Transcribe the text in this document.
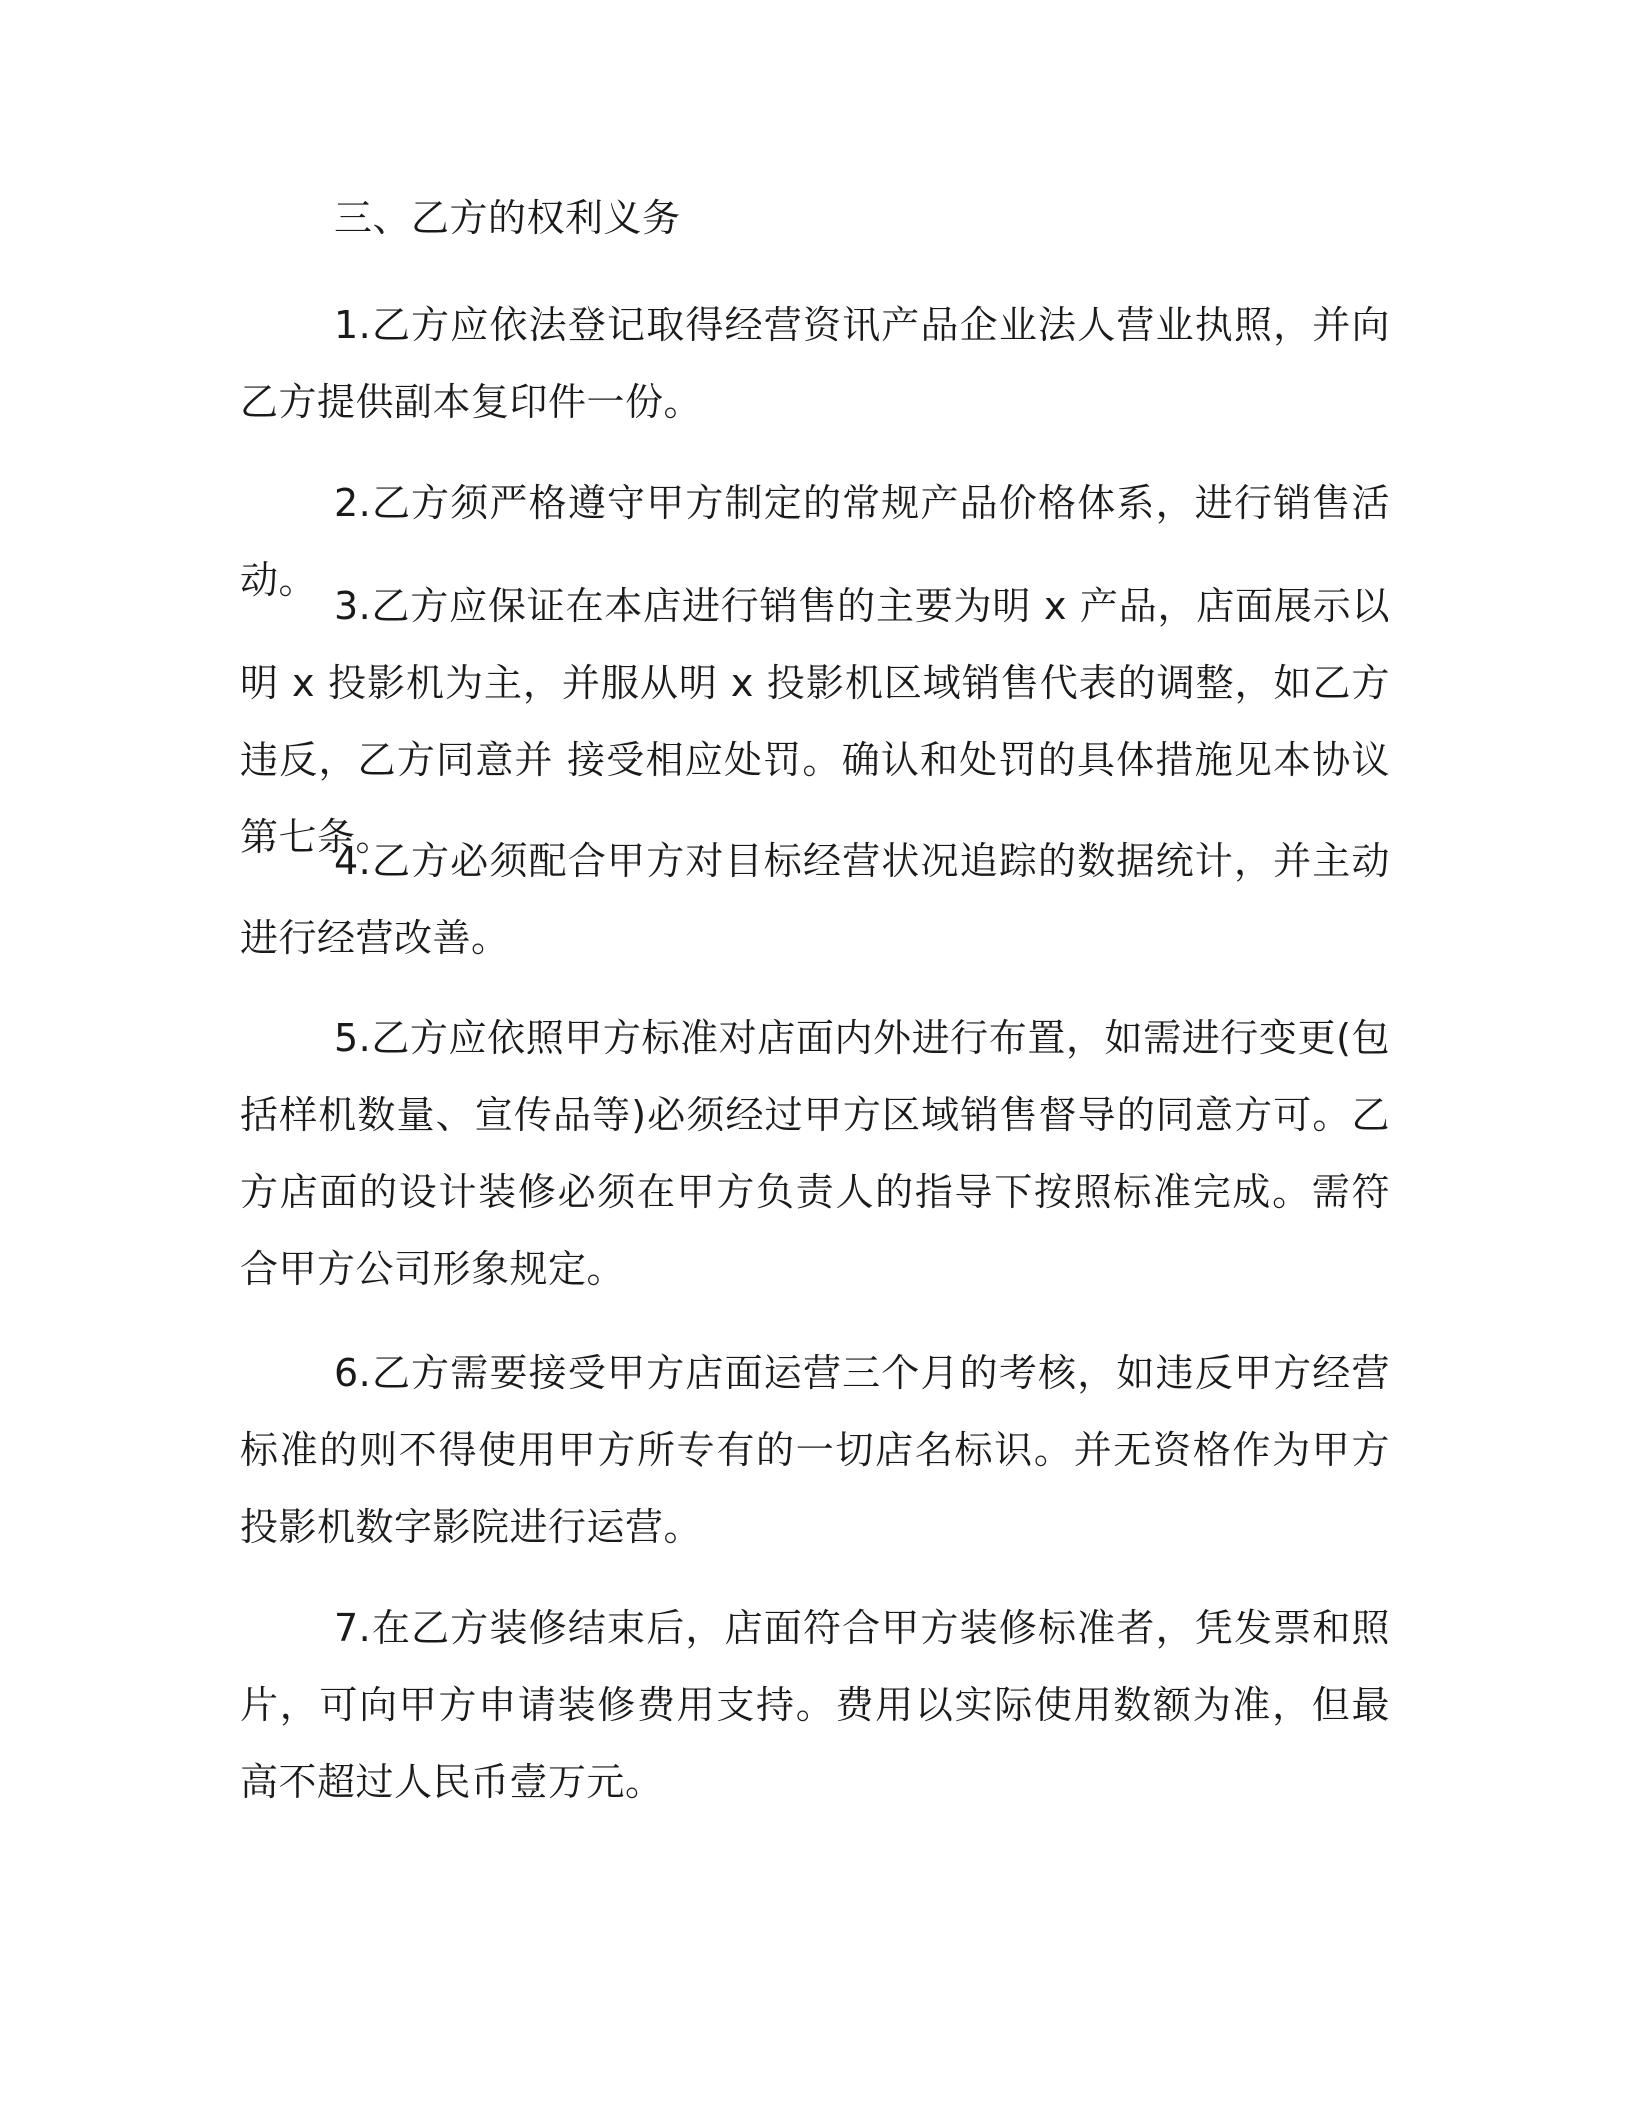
三、乙方的权利义务

1.乙方应依法登记取得经营资讯产品企业法人营业执照，并向乙方提供副本复印件一份。

2.乙方须严格遵守甲方制定的常规产品价格体系，进行销售活动。

3.乙方应保证在本店进行销售的主要为明 x 产品，店面展示以明 x 投影机为主，并服从明 x 投影机区域销售代表的调整，如乙方违反，乙方同意并 接受相应处罚。确认和处罚的具体措施见本协议第七条。

4.乙方必须配合甲方对目标经营状况追踪的数据统计，并主动进行经营改善。

5.乙方应依照甲方标准对店面内外进行布置，如需进行变更(包括样机数量、宣传品等)必须经过甲方区域销售督导的同意方可。乙方店面的设计装修必须在甲方负责人的指导下按照标准完成。需符合甲方公司形象规定。

6.乙方需要接受甲方店面运营三个月的考核，如违反甲方经营标准的则不得使用甲方所专有的一切店名标识。并无资格作为甲方投影机数字影院进行运营。

7.在乙方装修结束后，店面符合甲方装修标准者，凭发票和照片，可向甲方申请装修费用支持。费用以实际使用数额为准，但最高不超过人民币壹万元。
